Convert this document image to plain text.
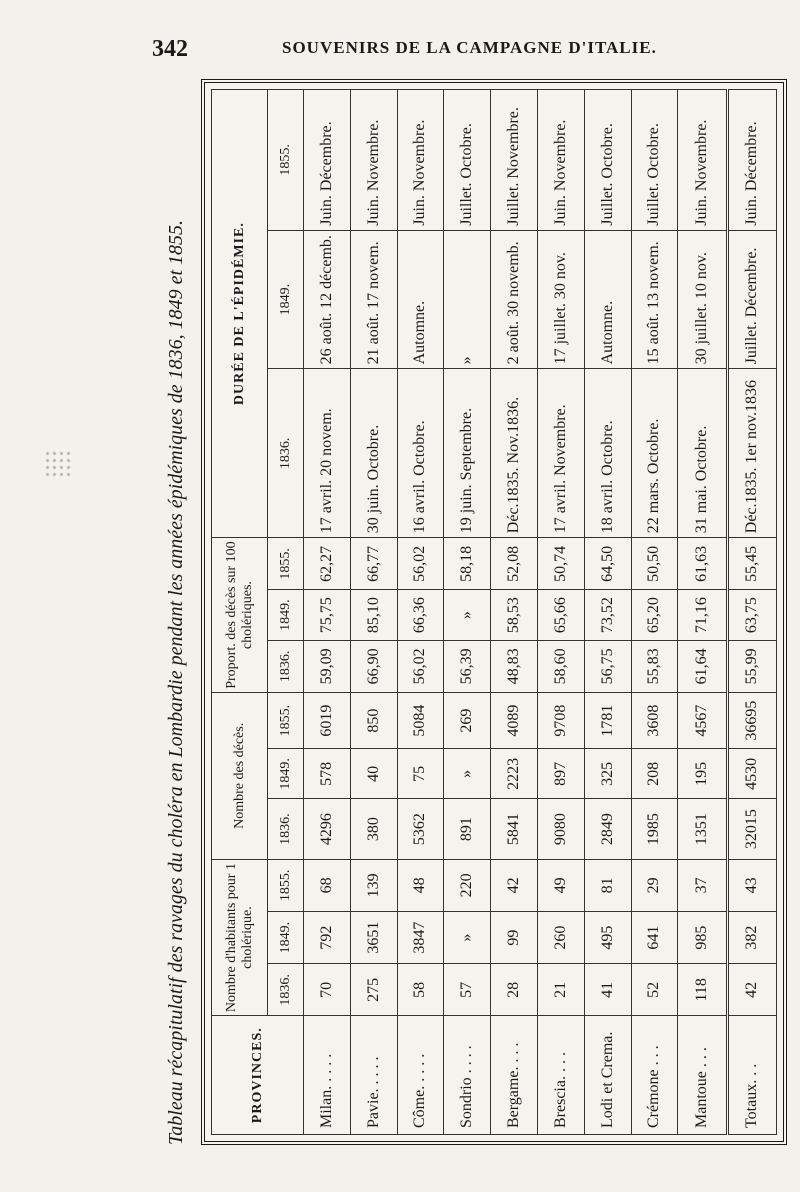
342	SOUVENIRS DE LA CAMPAGNE D'ITALIE.
Tableau récapitulatif des ravages du choléra en Lombardie pendant les années épidémiques de 1836, 1849 et 1855.	PROVINCES.	Nombre d'habitants pour 1 cholérique.			Nombre des décès.			Proport. des décès sur 100 cholériques.			DURÉE DE L'ÉPIDÉMIE.		
	1836.	1849.	1855.	1836.	1849.	1855.	1836.	1849.	1855.	1836.	1849.	1855.
Milan. . . . .	70	792	68	4296	578	6019	59,09	75,75	62,27	17 avril. 20 novem.	26 août. 12 décemb.	Juin. Décembre.
Pavie. . . . .	275	3651	139	380	40	850	66,90	85,10	66,77	30 juin. Octobre.	21 août. 17 novem.	Juin. Novembre.
Côme. . . . .	58	3847	48	5362	75	5084	56,02	66,36	56,02	16 avril. Octobre.	Automne.	Juin. Novembre.
Sondrio . . . .	57	»	220	891	»	269	56,39	»	58,18	19 juin. Septembre.	»	Juillet. Octobre.
Bergame. . . .	28	99	42	5841	2223	4089	48,83	58,53	52,08	Déc.1835. Nov.1836.	2 août. 30 novemb.	Juillet. Novembre.
Brescia. . . .	21	260	49	9080	897	9708	58,60	65,66	50,74	17 avril. Novembre.	17 juillet. 30 nov.	Juin. Novembre.
Lodi et Crema.	41	495	81	2849	325	1781	56,75	73,52	64,50	18 avril. Octobre.	Automne.	Juillet. Octobre.
Crémone . . .	52	641	29	1985	208	3608	55,83	65,20	50,50	22 mars. Octobre.	15 août. 13 novem.	Juillet. Octobre.
Mantoue . . .	118	985	37	1351	195	4567	61,64	71,16	61,63	31 mai. Octobre.	30 juillet. 10 nov.	Juin. Novembre.
Totaux. . .	42	382	43	32015	4530	36695	55,99	63,75	55,45	Déc.1835. 1er nov.1836	Juillet. Décembre.	Juin. Décembre.
